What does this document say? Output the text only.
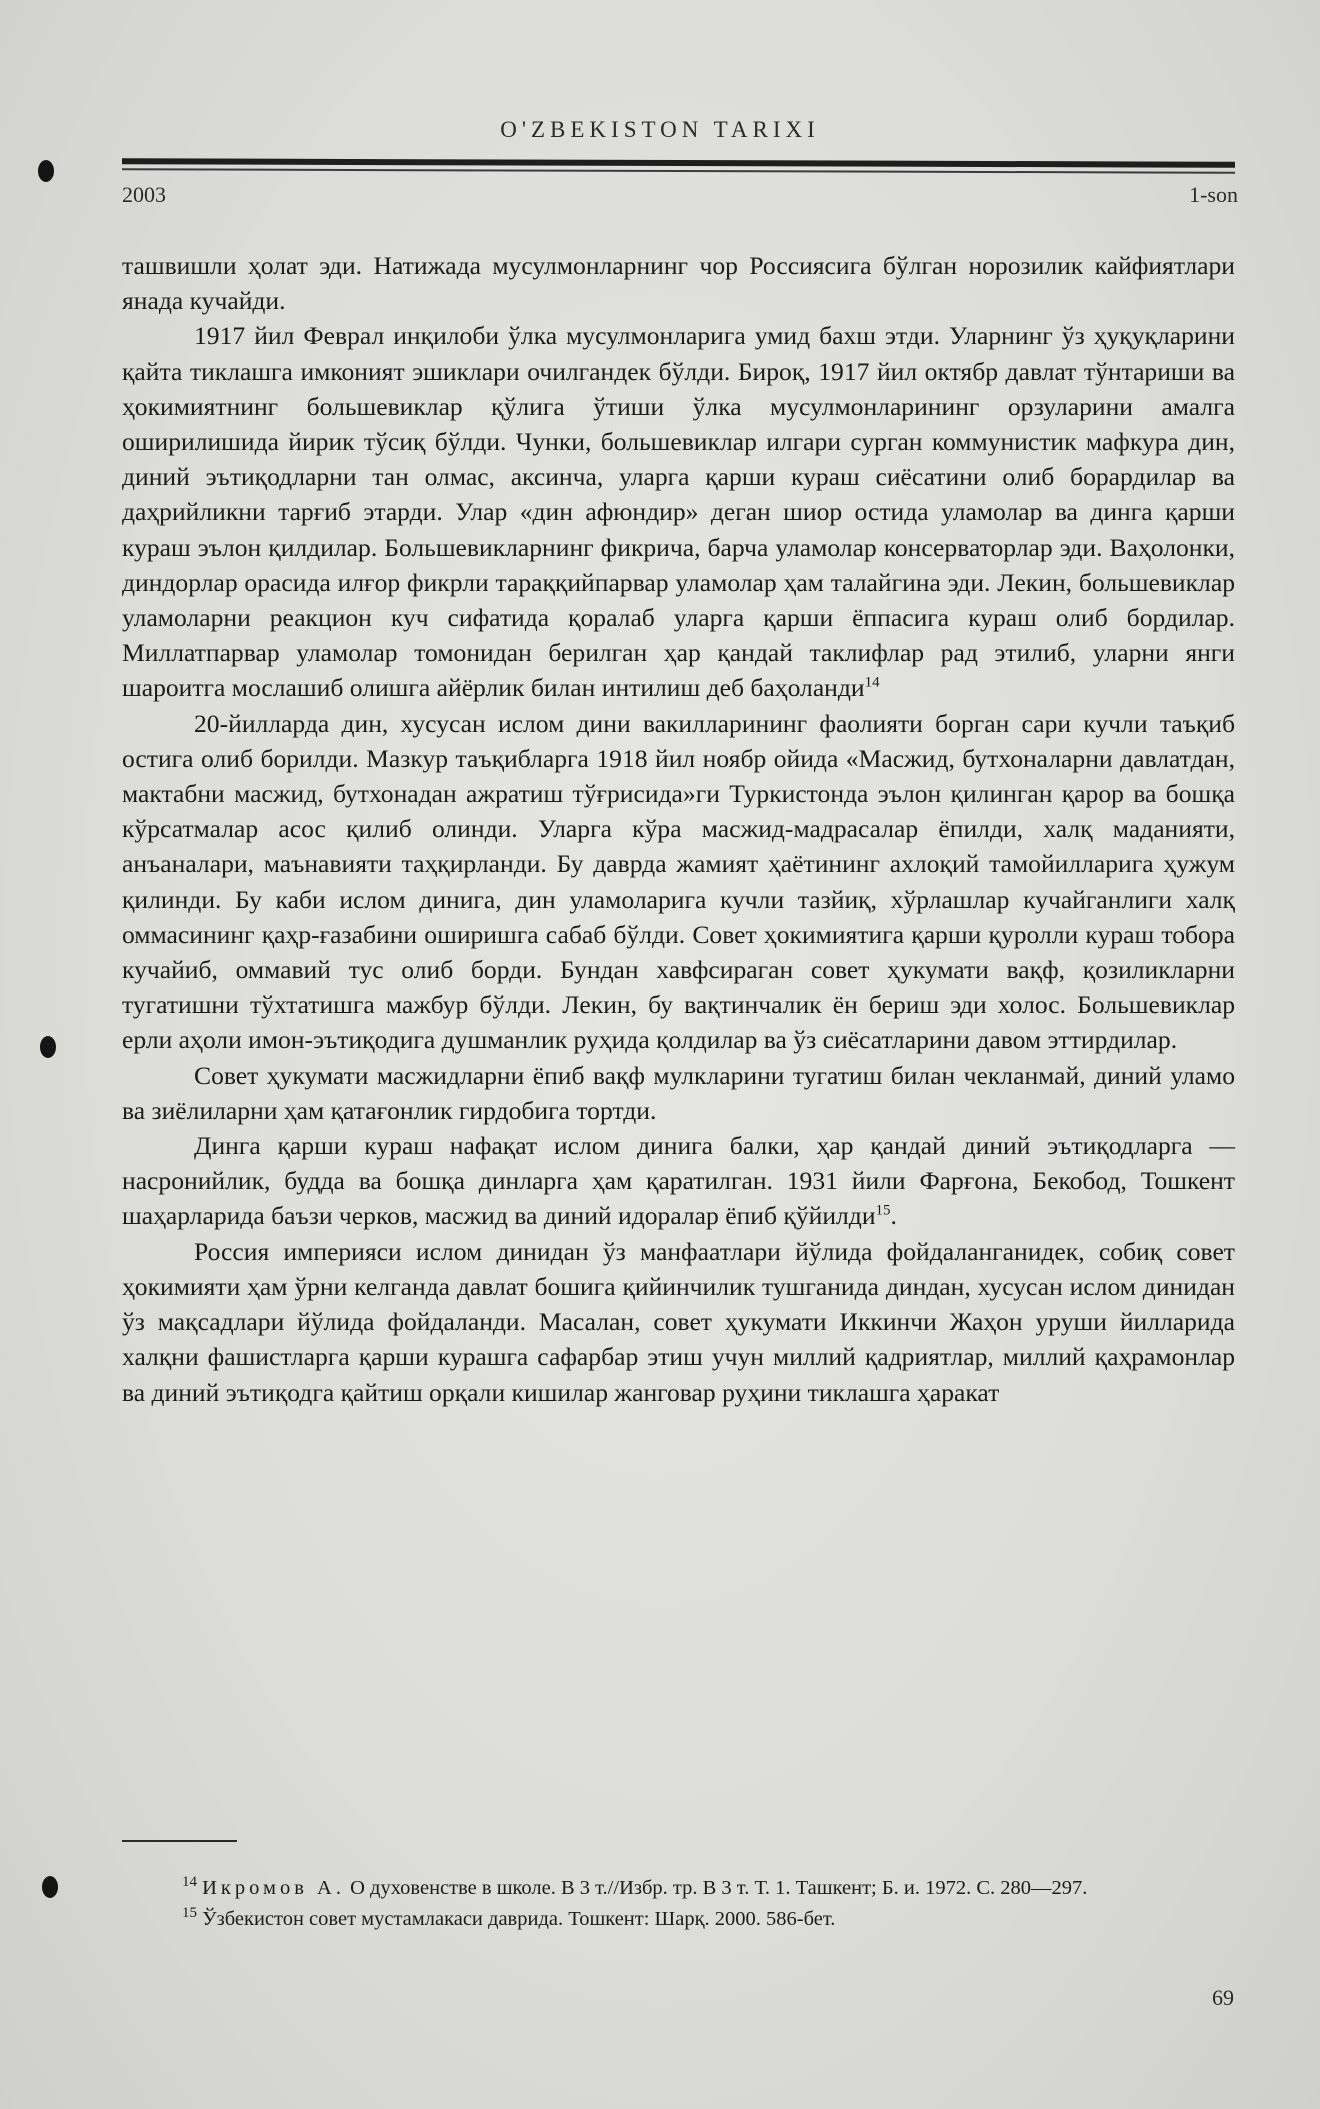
O'ZBEKISTON TARIXI
2003	1-son

ташвишли ҳолат эди. Натижада мусулмонларнинг чор Россиясига бўлган норозилик кайфиятлари янада кучайди.

1917 йил Феврал инқилоби ўлка мусулмонларига умид бахш этди. Уларнинг ўз ҳуқуқларини қайта тиклашга имконият эшиклари очилгандек бўлди. Бироқ, 1917 йил октябр давлат тўнтариши ва ҳокимиятнинг большевиклар қўлига ўтиши ўлка мусулмонларининг орзуларини амалга оширилишида йирик тўсиқ бўлди. Чунки, большевиклар илгари сурган коммунистик мафкура дин, диний эътиқодларни тан олмас, аксинча, уларга қарши кураш сиёсатини олиб борардилар ва даҳрийликни тарғиб этарди. Улар «дин афюндир» деган шиор остида уламолар ва динга қарши кураш эълон қилдилар. Большевикларнинг фикрича, барча уламолар консерваторлар эди. Ваҳолонки, диндорлар орасида илғор фикрли тараққийпарвар уламолар ҳам талайгина эди. Лекин, большевиклар уламоларни реакцион куч сифатида қоралаб уларга қарши ёппасига кураш олиб бордилар. Миллатпарвар уламолар томонидан берилган ҳар қандай таклифлар рад этилиб, уларни янги шароитга мослашиб олишга айёрлик билан интилиш деб баҳоланди$^{14}$

20-йилларда дин, хусусан ислом дини вакилларининг фаолияти борган сари кучли таъқиб остига олиб борилди. Мазкур таъқибларга 1918 йил ноябр ойида «Масжид, бутхоналарни давлатдан, мактабни масжид, бутхонадан ажратиш тўғрисида»ги Туркистонда эълон қилинган қарор ва бошқа кўрсатмалар асос қилиб олинди. Уларга кўра масжид-мадрасалар ёпилди, халқ маданияти, анъаналари, маънавияти таҳқирланди. Бу даврда жамият ҳаётининг ахлоқий тамойилларига ҳужум қилинди. Бу каби ислом динига, дин уламоларига кучли тазйиқ, хўрлашлар кучайганлиги халқ оммасининг қаҳр-ғазабини оширишга сабаб бўлди. Совет ҳокимиятига қарши қуролли кураш тобора кучайиб, оммавий тус олиб борди. Бундан хавфсираган совет ҳукумати вақф, қозиликларни тугатишни тўхтатишга мажбур бўлди. Лекин, бу вақтинчалик ён бериш эди холос. Большевиклар ерли аҳоли имон-эътиқодига душманлик руҳида қолдилар ва ўз сиёсатларини давом эттирдилар.

Совет ҳукумати масжидларни ёпиб вақф мулкларини тугатиш билан чекланмай, диний уламо ва зиёлиларни ҳам қатағонлик гирдобига тортди.

Динга қарши кураш нафақат ислом динига балки, ҳар қандай диний эътиқодларга — насронийлик, будда ва бошқа динларга ҳам қаратилган. 1931 йили Фарғона, Бекобод, Тошкент шаҳарларида баъзи черков, масжид ва диний идоралар ёпиб қўйилди$^{15}$.

Россия империяси ислом динидан ўз манфаатлари йўлида фойдаланганидек, собиқ совет ҳокимияти ҳам ўрни келганда давлат бошига қийинчилик тушганида диндан, хусусан ислом динидан ўз мақсадлари йўлида фойдаланди. Масалан, совет ҳукумати Иккинчи Жаҳон уруши йилларида халқни фашистларга қарши курашга сафарбар этиш учун миллий қадриятлар, миллий қаҳрамонлар ва диний эътиқодга қайтиш орқали кишилар жанговар руҳини тиклашга ҳаракат

$^{14}$ Икромов А. О духовенстве в школе. В 3 т.//Избр. тр. В 3 т. Т. 1. Ташкент; Б. и. 1972. С. 280—297.

$^{15}$ Ўзбекистон совет мустамлакаси даврида. Тошкент: Шарқ. 2000. 586-бет.

69
